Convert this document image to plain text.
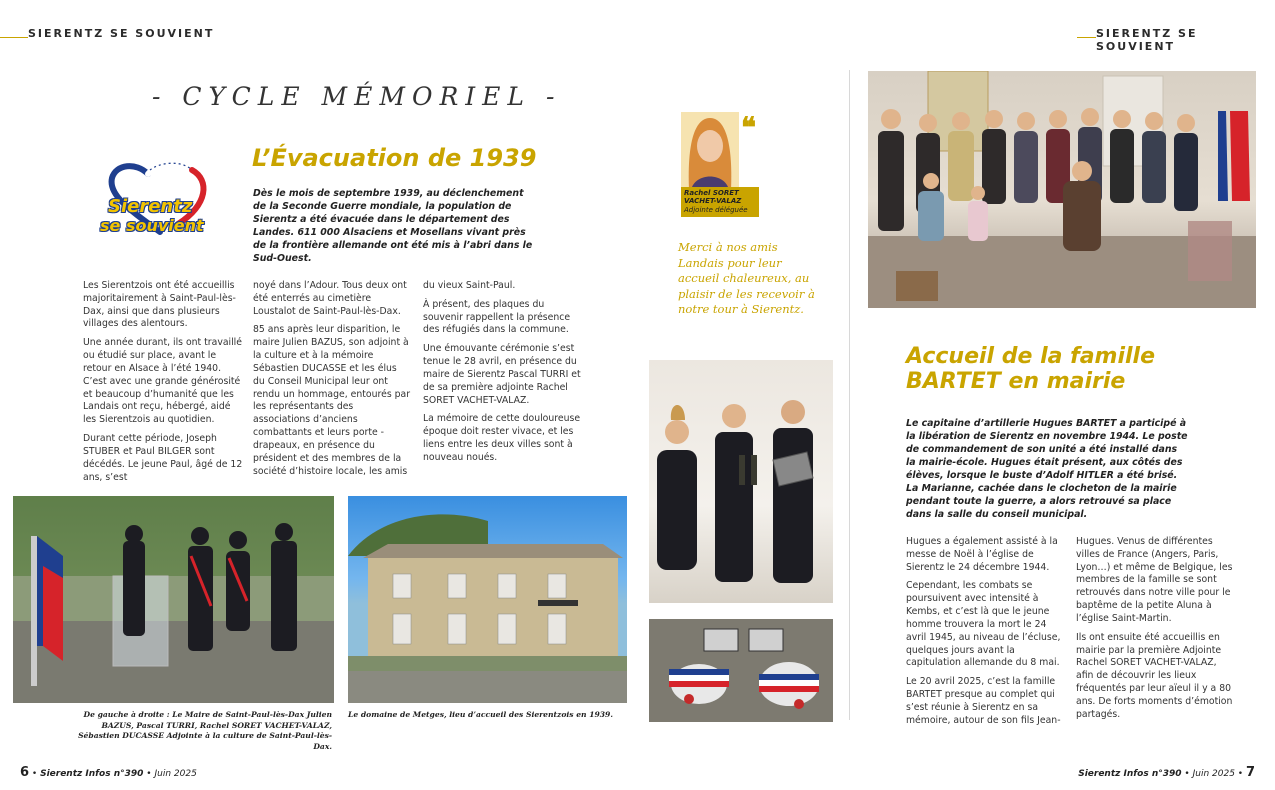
SIERENTZ SE SOUVIENT	SIERENTZ SE SOUVIENT
- CYCLE MÉMORIEL -
Sierentz
se souvient
L’Évacuation de 1939
Dès le mois de septembre 1939, au déclenchement de la Seconde Guerre mondiale, la population de Sierentz a été évacuée dans le département des Landes. 611 000 Alsaciens et Mosellans vivant près de la frontière allemande ont été mis à l’abri dans le Sud-Ouest.

Les Sierentzois ont été accueillis majoritairement à Saint-Paul-lès-Dax, ainsi que dans plusieurs villages des alentours.

Une année durant, ils ont travaillé ou étudié sur place, avant le retour en Alsace à l’été 1940. C’est avec une grande générosité et beaucoup d’humanité que les Landais ont reçu, hébergé, aidé les Sierentzois au quotidien.

Durant cette période, Joseph STUBER et Paul BILGER sont décédés. Le jeune Paul, âgé de 12 ans, s’est

noyé dans l’Adour. Tous deux ont été enterrés au cimetière Loustalot de Saint-Paul-lès-Dax.

85 ans après leur disparition, le maire Julien BAZUS, son adjoint à la culture et à la mémoire Sébastien DUCASSE et les élus du Conseil Municipal leur ont rendu un hommage, entourés par les représentants des associations d’anciens combattants et leurs porte - drapeaux, en présence du président et des membres de la société d’histoire locale, les amis

du vieux Saint-Paul.

À présent, des plaques du souvenir rappellent la présence des réfugiés dans la commune.

Une émouvante cérémonie s’est tenue le 28 avril, en présence du maire de Sierentz Pascal TURRI et de sa première adjointe Rachel SORET VACHET-VALAZ.

La mémoire de cette douloureuse époque doit rester vivace, et les liens entre les deux villes sont à nouveau noués.

De gauche à droite : Le Maire de Saint-Paul-lès-Dax Julien BAZUS, Pascal TURRI, Rachel SORET VACHET-VALAZ, Sébastien DUCASSE Adjointe à la culture de Saint-Paul-lès-Dax.
Le domaine de Metges, lieu d’accueil des Sierentzois en 1939.
❝
Rachel SORET VACHET-VALAZ
Adjointe déléguée
Merci à nos amis Landais pour leur accueil chaleureux, au plaisir de les recevoir à notre tour à Sierentz.
6 • Sierentz Infos n°390 • Juin 2025
Accueil de la famille
BARTET en mairie
Le capitaine d’artillerie Hugues BARTET a participé à la libération de Sierentz en novembre 1944. Le poste de commandement de son unité a été installé dans la mairie-école. Hugues était présent, aux côtés des élèves, lorsque le buste d’Adolf HITLER a été brisé. La Marianne, cachée dans le clocheton de la mairie pendant toute la guerre, a alors retrouvé sa place dans la salle du conseil municipal.

Hugues a également assisté à la messe de Noël à l’église de Sierentz le 24 décembre 1944.

Cependant, les combats se poursuivent avec intensité à Kembs, et c’est là que le jeune homme trouvera la mort le 24 avril 1945, au niveau de l’écluse, quelques jours avant la capitulation allemande du 8 mai.

Le 20 avril 2025, c’est la famille BARTET presque au complet qui s’est réunie à Sierentz en sa mémoire, autour de son fils Jean-

Hugues. Venus de différentes villes de France (Angers, Paris, Lyon…) et même de Belgique, les membres de la famille se sont retrouvés dans notre ville pour le baptême de la petite Aluna à l’église Saint-Martin.

Ils ont ensuite été accueillis en mairie par la première Adjointe Rachel SORET VACHET-VALAZ, afin de découvrir les lieux fréquentés par leur aïeul il y a 80 ans. De forts moments d’émotion partagés.

Sierentz Infos n°390 • Juin 2025 • 7
